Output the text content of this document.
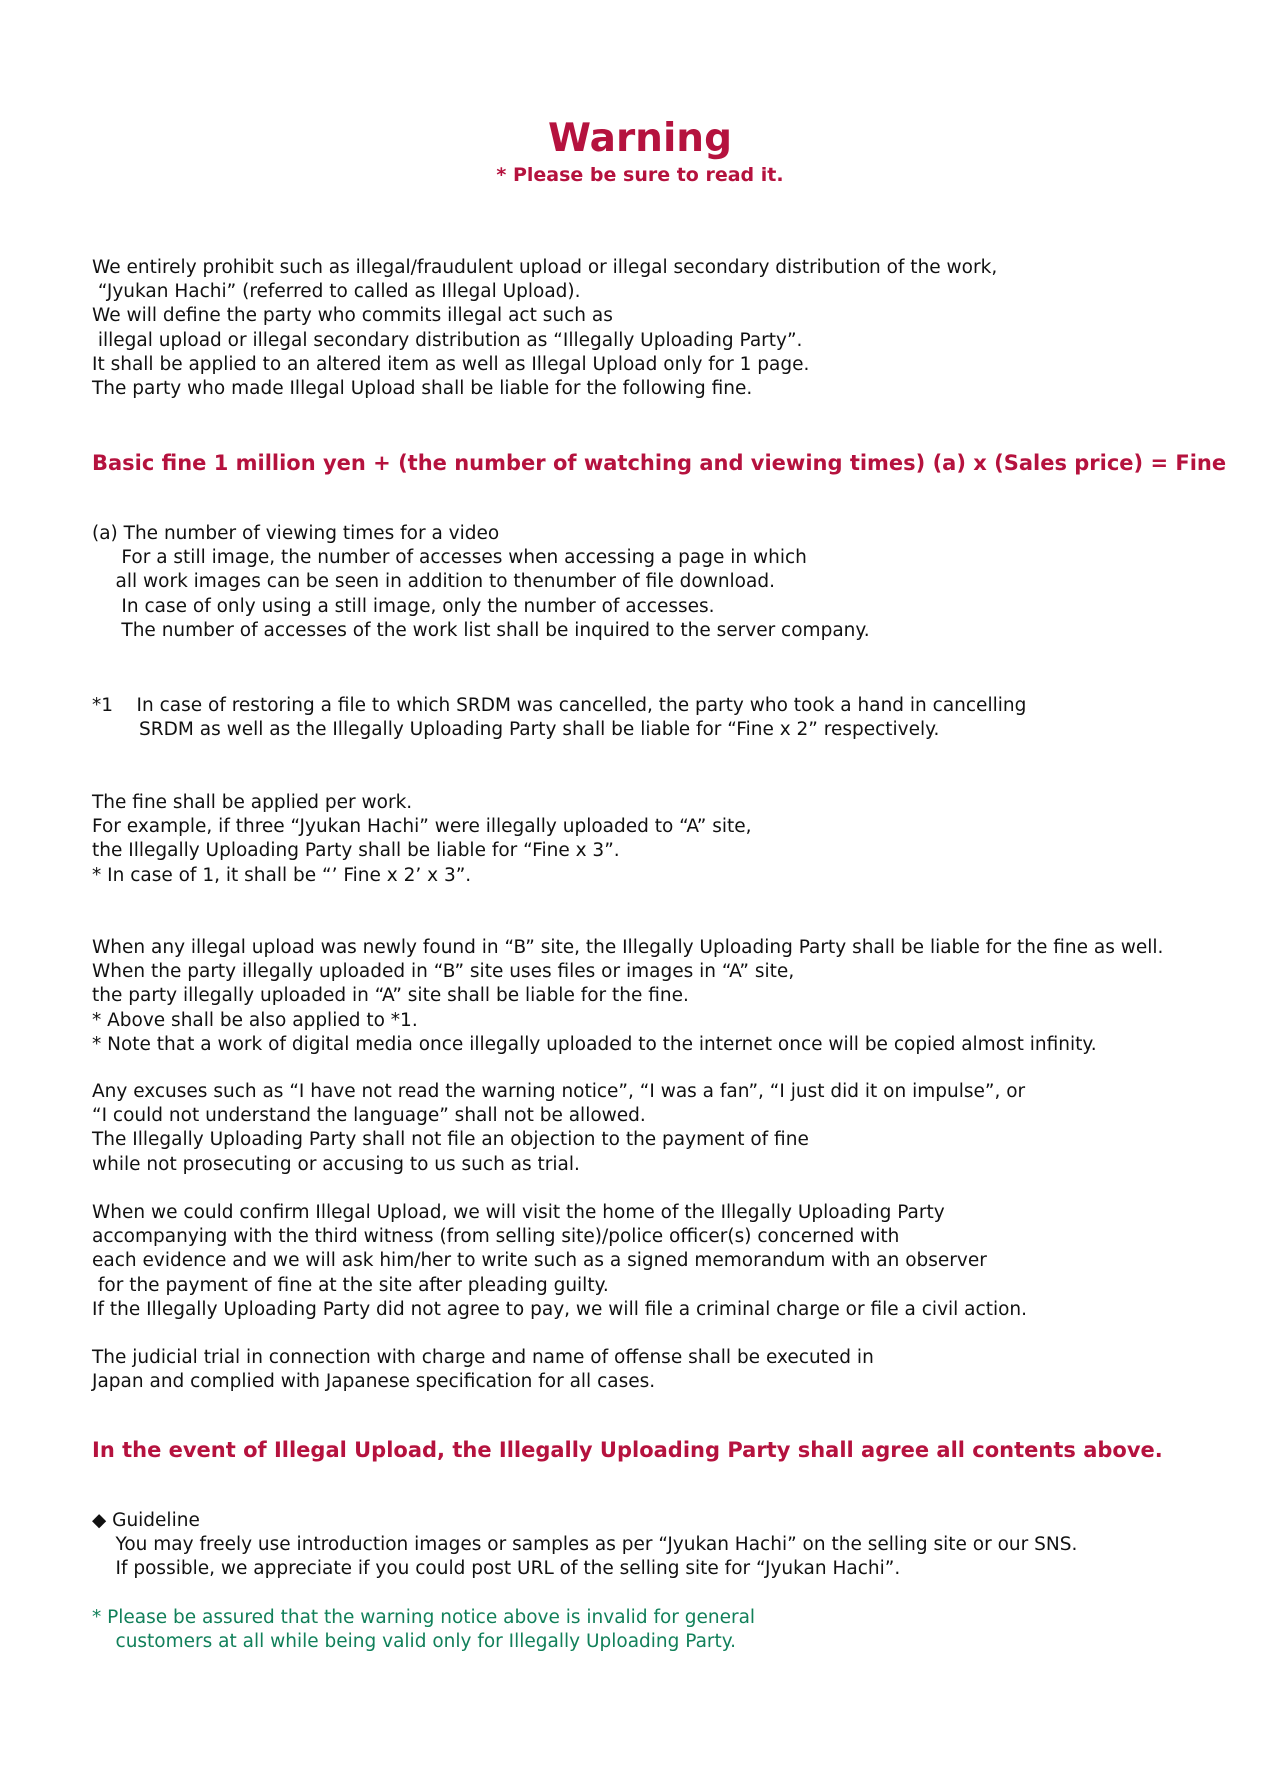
Warning
* Please be sure to read it.
We entirely prohibit such as illegal/fraudulent upload or illegal secondary distribution of the work,
“Jyukan Hachi” (referred to called as Illegal Upload).
We will define the party who commits illegal act such as
illegal upload or illegal secondary distribution as “Illegally Uploading Party”.
It shall be applied to an altered item as well as Illegal Upload only for 1 page.
The party who made Illegal Upload shall be liable for the following fine.
Basic fine 1 million yen + (the number of watching and viewing times) (a) x (Sales price) = Fine
(a) The number of viewing times for a video
For a still image, the number of accesses when accessing a page in which
all work images can be seen in addition to thenumber of file download.
In case of only using a still image, only the number of accesses.
The number of accesses of the work list shall be inquired to the server company.
*1    In case of restoring a file to which SRDM was cancelled, the party who took a hand in cancelling
SRDM as well as the Illegally Uploading Party shall be liable for “Fine x 2” respectively.
The fine shall be applied per work.
For example, if three “Jyukan Hachi” were illegally uploaded to “A” site,
the Illegally Uploading Party shall be liable for “Fine x 3”.
* In case of 1, it shall be “’ Fine x 2’ x 3”.
When any illegal upload was newly found in “B” site, the Illegally Uploading Party shall be liable for the fine as well.
When the party illegally uploaded in “B” site uses files or images in “A” site,
the party illegally uploaded in “A” site shall be liable for the fine.
* Above shall be also applied to *1.
* Note that a work of digital media once illegally uploaded to the internet once will be copied almost infinity.
Any excuses such as “I have not read the warning notice”, “I was a fan”, “I just did it on impulse”, or
“I could not understand the language” shall not be allowed.
The Illegally Uploading Party shall not file an objection to the payment of fine
while not prosecuting or accusing to us such as trial.
When we could confirm Illegal Upload, we will visit the home of the Illegally Uploading Party
accompanying with the third witness (from selling site)/police officer(s) concerned with
each evidence and we will ask him/her to write such as a signed memorandum with an observer
for the payment of fine at the site after pleading guilty.
If the Illegally Uploading Party did not agree to pay, we will file a criminal charge or file a civil action.
The judicial trial in connection with charge and name of offense shall be executed in
Japan and complied with Japanese specification for all cases.
In the event of Illegal Upload, the Illegally Uploading Party shall agree all contents above.
◆ Guideline
You may freely use introduction images or samples as per “Jyukan Hachi” on the selling site or our SNS.
If possible, we appreciate if you could post URL of the selling site for “Jyukan Hachi”.
* Please be assured that the warning notice above is invalid for general
customers at all while being valid only for Illegally Uploading Party.
